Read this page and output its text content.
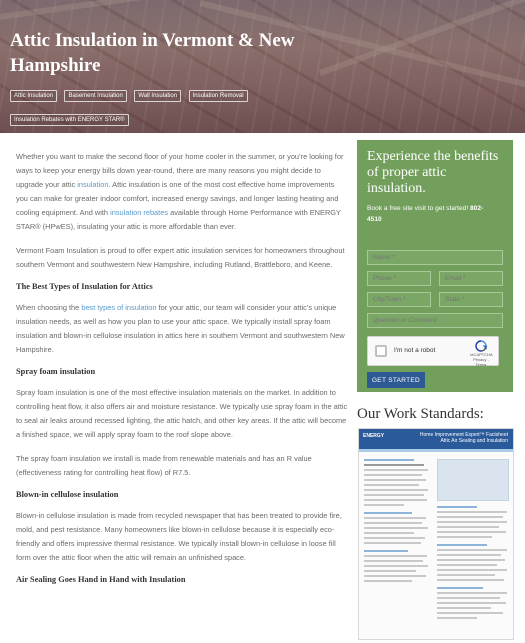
Attic Insulation in Vermont & New Hampshire
Attic Insulation	Basement Insulation	Wall Insulation	Insulation Removal Insulation Rebates with ENERGY STAR®

Whether you want to make the second floor of your home cooler in the summer, or you’re looking for ways to keep your energy bills down year-round, there are many reasons you might decide to upgrade your attic insulation. Attic insulation is one of the most cost effective home improvements you can make for greater indoor comfort, increased energy savings, and longer lasting heating and cooling equipment. And with insulation rebates available through Home Performance with ENERGY STAR® (HPwES), insulating your attic is more affordable than ever.

Vermont Foam Insulation is proud to offer expert attic insulation services for homeowners throughout southern Vermont and southwestern New Hampshire, including Rutland, Brattleboro, and Keene.

The Best Types of Insulation for Attics

When choosing the best types of insulation for your attic, our team will consider your attic’s unique insulation needs, as well as how you plan to use your attic space. We typically install spray foam insulation and blown-in cellulose insulation in attics here in southern Vermont and southwestern New Hampshire.

Spray foam insulation

Spray foam insulation is one of the most effective insulation materials on the market. In addition to controlling heat flow, it also offers air and moisture resistance. We typically use spray foam in the attic to seal air leaks around recessed lighting, the attic hatch, and other key areas. If the attic will become a finished space, we will apply spray foam to the roof slope above.

The spray foam insulation we install is made from renewable materials and has an R value (effectiveness rating for controlling heat flow) of R7.5.

Blown-in cellulose insulation

Blown-in cellulose insulation is made from recycled newspaper that has been treated to provide fire, mold, and pest resistance. Many homeowners like blown-in cellulose because it is especially eco-friendly and offers impressive thermal resistance. We typically install blown-in cellulose in loose fill form over the attic floor when the attic will remain an unfinished space.

Air Sealing Goes Hand in Hand with Insulation
Experience the benefits of proper attic insulation.
Book a free site visit to get started! 802-
4510
Name *
Phone *
Email *
City/Town *
State *
Question or Comment
I'm not a robot
reCAPTCHA
Privacy - Terms
GET STARTED
Our Work Standards:
ENERGY	Home Improvement Expert™ Factsheet
Attic Air Sealing and Insulation
